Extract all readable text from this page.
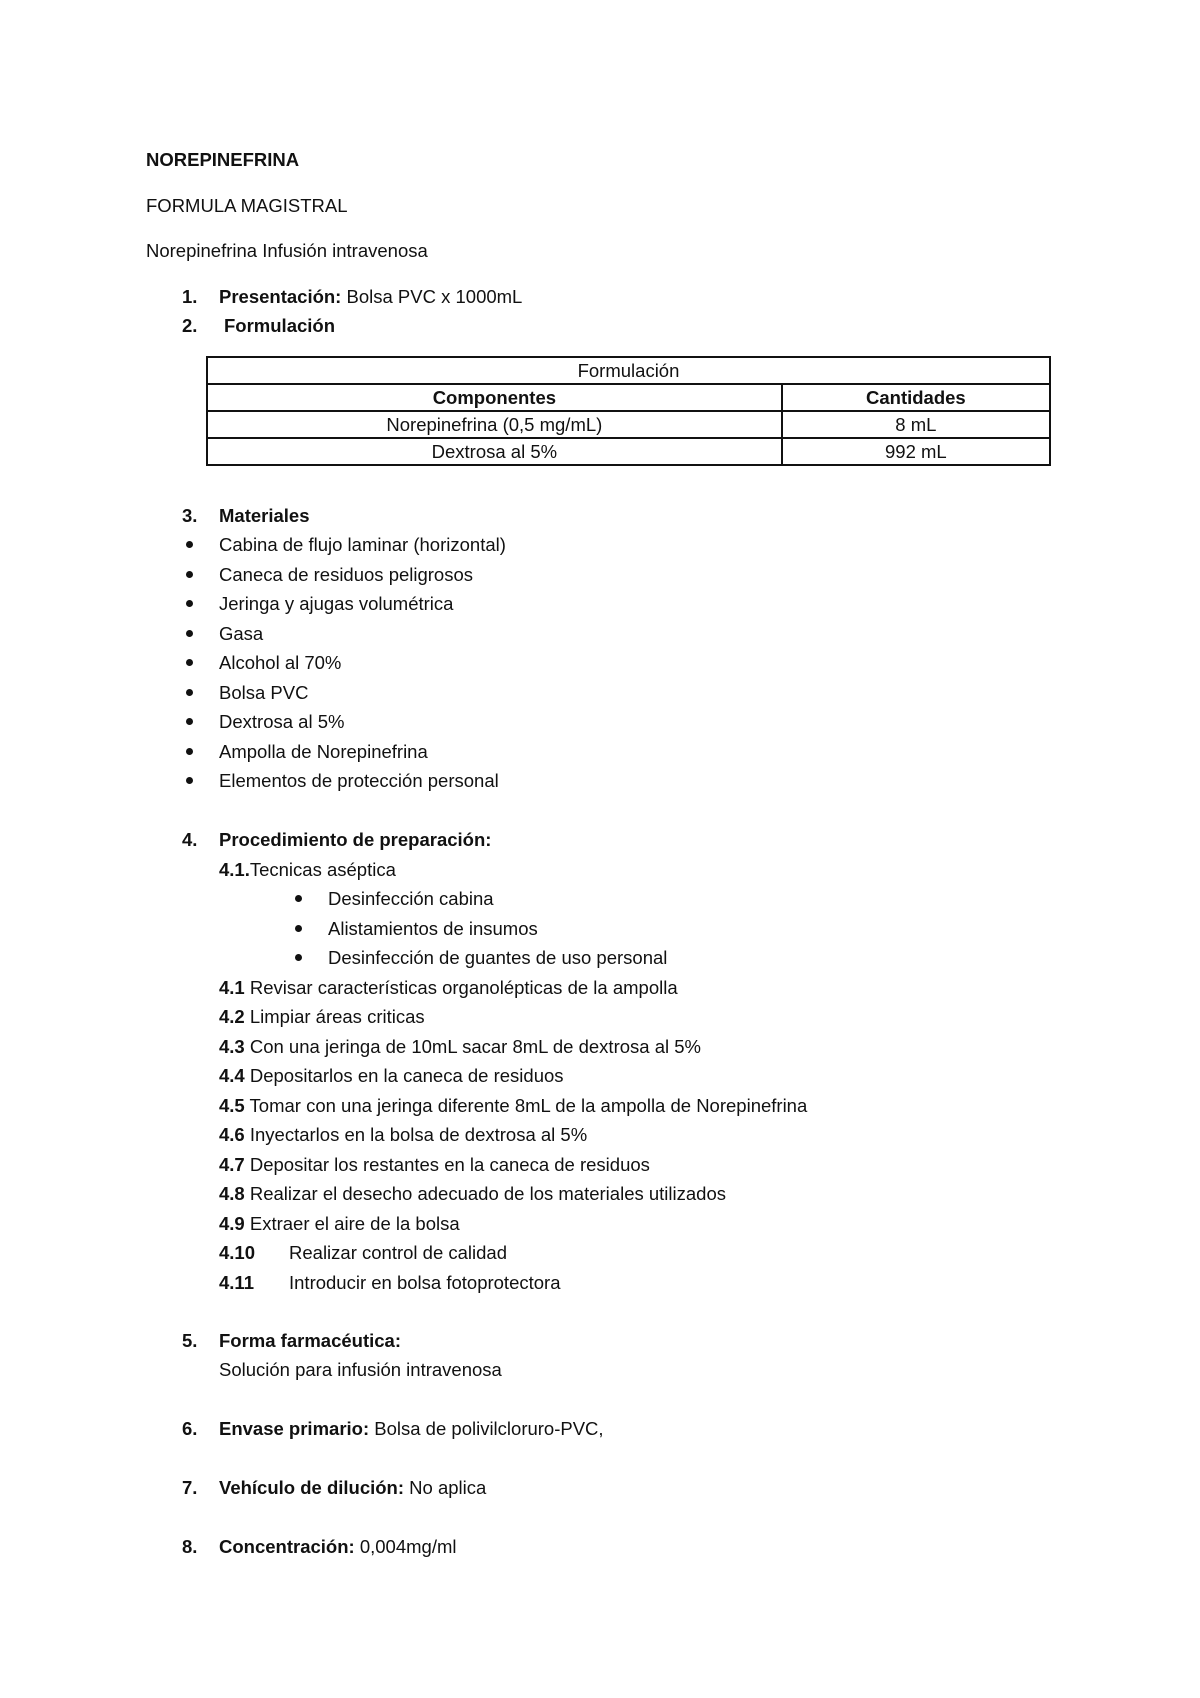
NOREPINEFRINA
FORMULA MAGISTRAL
Norepinefrina Infusión intravenosa
1. Presentación: Bolsa PVC x 1000mL
2. Formulación
Formulación	
Componentes	Cantidades
Norepinefrina (0,5 mg/mL)	8 mL
Dextrosa al 5%	992 mL
3. Materiales
Cabina de flujo laminar (horizontal)
Caneca de residuos peligrosos
Jeringa y ajugas volumétrica
Gasa
Alcohol al 70%
Bolsa PVC
Dextrosa al 5%
Ampolla de Norepinefrina
Elementos de protección personal
4. Procedimiento de preparación:
4.1.Tecnicas aséptica
Desinfección cabina
Alistamientos de insumos
Desinfección de guantes de uso personal
4.1 Revisar características organolépticas de la ampolla
4.2 Limpiar áreas criticas
4.3 Con una jeringa de 10mL sacar 8mL de dextrosa al 5%
4.4 Depositarlos en la caneca de residuos
4.5 Tomar con una jeringa diferente 8mL de la ampolla de Norepinefrina
4.6 Inyectarlos en la bolsa de dextrosa al 5%
4.7 Depositar los restantes en la caneca de residuos
4.8 Realizar el desecho adecuado de los materiales utilizados
4.9 Extraer el aire de la bolsa
4.10 Realizar control de calidad
4.11 Introducir en bolsa fotoprotectora
5. Forma farmacéutica:
Solución para infusión intravenosa
6. Envase primario: Bolsa de polivilcloruro-PVC,
7. Vehículo de dilución: No aplica
8. Concentración: 0,004mg/ml
